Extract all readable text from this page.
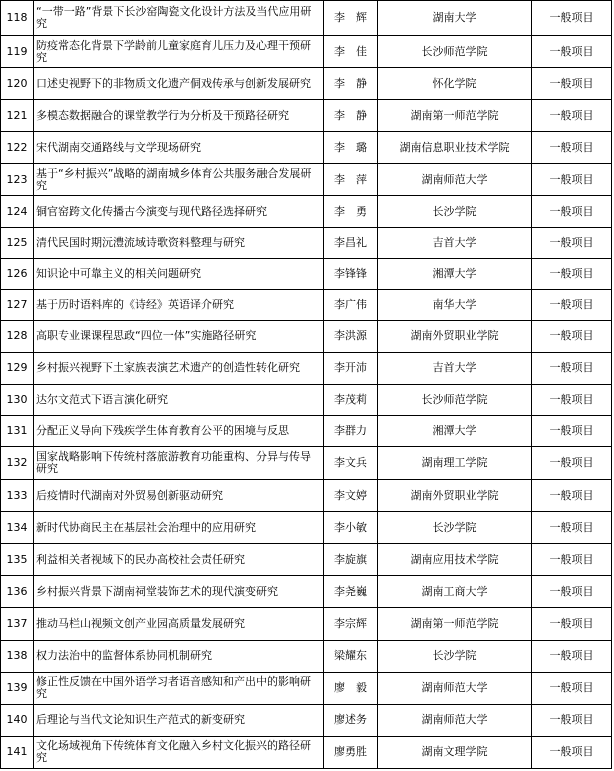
118	“一带一路”背景下长沙窑陶瓷文化设计方法及当代应用研究	李　辉	湖南大学	一般项目
119	防疫常态化背景下学龄前儿童家庭育儿压力及心理干预研究	李　佳	长沙师范学院	一般项目
120	口述史视野下的非物质文化遗产侗戏传承与创新发展研究	李　静	怀化学院	一般项目
121	多模态数据融合的课堂教学行为分析及干预路径研究	李　静	湖南第一师范学院	一般项目
122	宋代湖南交通路线与文学现场研究	李　璐	湖南信息职业技术学院	一般项目
123	基于“乡村振兴”战略的湖南城乡体育公共服务融合发展研究	李　萍	湖南师范大学	一般项目
124	铜官窑跨文化传播古今演变与现代路径选择研究	李　勇	长沙学院	一般项目
125	清代民国时期沅澧流域诗歌资料整理与研究	李昌礼	吉首大学	一般项目
126	知识论中可靠主义的相关问题研究	李锋锋	湘潭大学	一般项目
127	基于历时语料库的《诗经》英语译介研究	李广伟	南华大学	一般项目
128	高职专业课课程思政“四位一体”实施路径研究	李洪源	湖南外贸职业学院	一般项目
129	乡村振兴视野下土家族表演艺术遗产的创造性转化研究	李开沛	吉首大学	一般项目
130	达尔文范式下语言演化研究	李茂莉	长沙师范学院	一般项目
131	分配正义导向下残疾学生体育教育公平的困境与反思	李群力	湘潭大学	一般项目
132	国家战略影响下传统村落旅游教育功能重构、分异与传导研究	李文兵	湖南理工学院	一般项目
133	后疫情时代湖南对外贸易创新驱动研究	李文婷	湖南外贸职业学院	一般项目
134	新时代协商民主在基层社会治理中的应用研究	李小敏	长沙学院	一般项目
135	利益相关者视域下的民办高校社会责任研究	李旋旗	湖南应用技术学院	一般项目
136	乡村振兴背景下湖南祠堂装饰艺术的现代演变研究	李尧巍	湖南工商大学	一般项目
137	推动马栏山视频文创产业园高质量发展研究	李宗辉	湖南第一师范学院	一般项目
138	权力法治中的监督体系协同机制研究	梁耀东	长沙学院	一般项目
139	修正性反馈在中国外语学习者语音感知和产出中的影响研究	廖　毅	湖南师范大学	一般项目
140	后理论与当代文论知识生产范式的新变研究	廖述务	湖南师范大学	一般项目
141	文化场域视角下传统体育文化融入乡村文化振兴的路径研究	廖勇胜	湖南文理学院	一般项目
